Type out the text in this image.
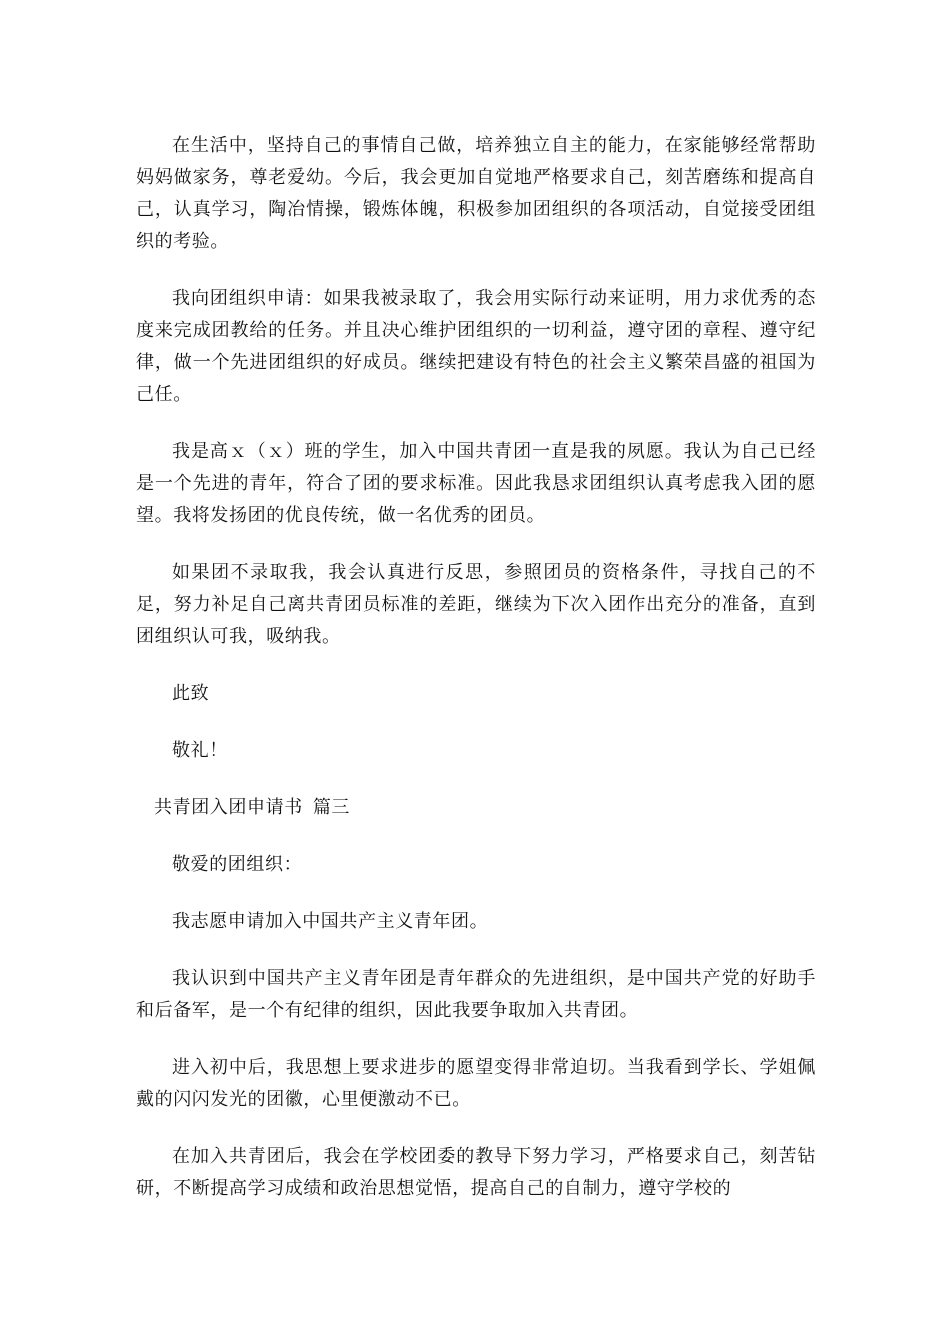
在生活中，坚持自己的事情自己做，培养独立自主的能力，在家能够经常帮助妈妈做家务，尊老爱幼。今后，我会更加自觉地严格要求自己，刻苦磨练和提高自己，认真学习，陶冶情操，锻炼体魄，积极参加团组织的各项活动，自觉接受团组织的考验。

我向团组织申请：如果我被录取了，我会用实际行动来证明，用力求优秀的态度来完成团教给的任务。并且决心维护团组织的一切利益，遵守团的章程、遵守纪律，做一个先进团组织的好成员。继续把建设有特色的社会主义繁荣昌盛的祖国为己任。

我是高ｘ（ｘ）班的学生，加入中国共青团一直是我的夙愿。我认为自己已经是一个先进的青年，符合了团的要求标准。因此我恳求团组织认真考虑我入团的愿望。我将发扬团的优良传统，做一名优秀的团员。

如果团不录取我，我会认真进行反思，参照团员的资格条件，寻找自己的不足，努力补足自己离共青团员标准的差距，继续为下次入团作出充分的准备，直到团组织认可我，吸纳我。

此致

敬礼！

共青团入团申请书 篇三

敬爱的团组织：

我志愿申请加入中国共产主义青年团。

我认识到中国共产主义青年团是青年群众的先进组织，是中国共产党的好助手和后备军，是一个有纪律的组织，因此我要争取加入共青团。

进入初中后，我思想上要求进步的愿望变得非常迫切。当我看到学长、学姐佩戴的闪闪发光的团徽，心里便激动不已。

在加入共青团后，我会在学校团委的教导下努力学习，严格要求自己，刻苦钻研，不断提高学习成绩和政治思想觉悟，提高自己的自制力，遵守学校的
